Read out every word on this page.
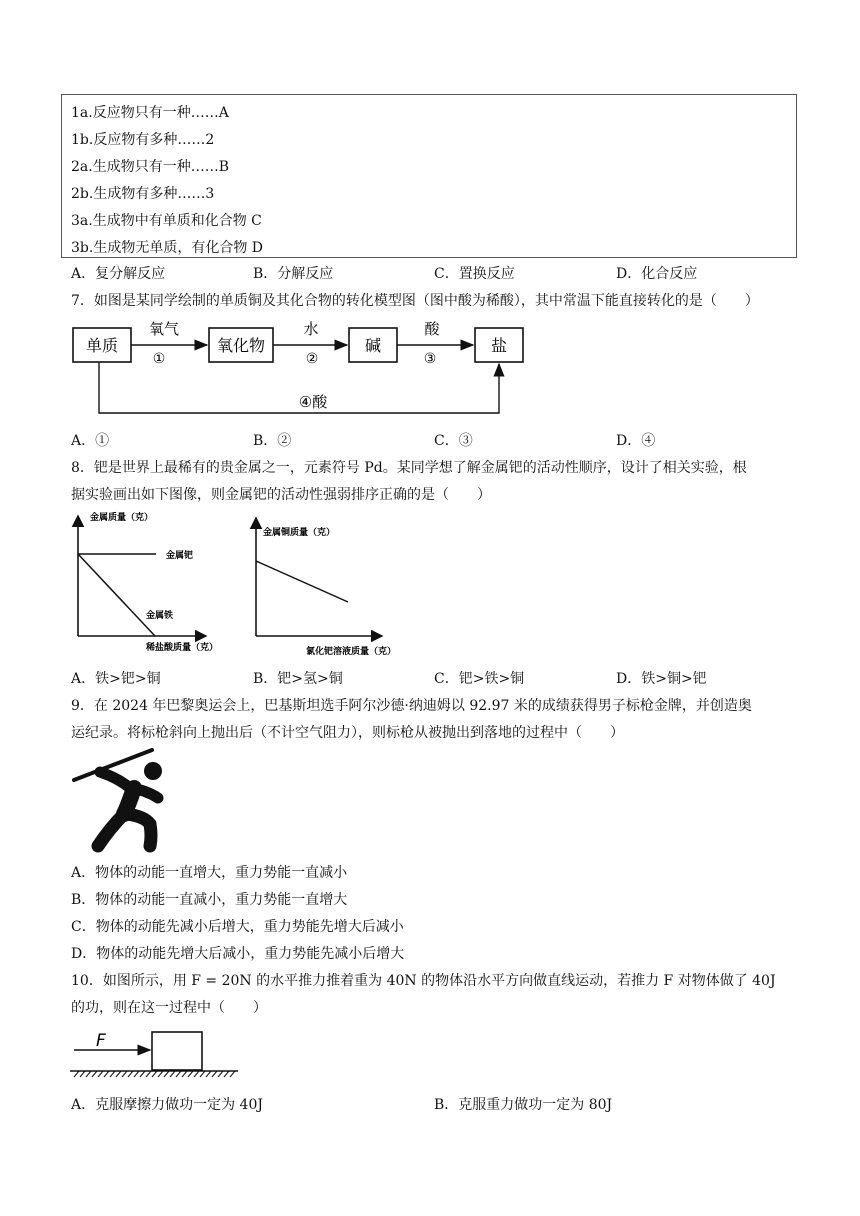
1a.反应物只有一种……A
1b.反应物有多种……2
2a.生成物只有一种……B
2b.生成物有多种……3
3a.生成物中有单质和化合物 C
3b.生成物无单质，有化合物 D
A．复分解反应	B．分解反应	C．置换反应	D．化合反应
7．如图是某同学绘制的单质铜及其化合物的转化模型图（图中酸为稀酸），其中常温下能直接转化的是（　　）
单质	氧化物	碱	盐
氧气
①
水
②
酸
③
④酸
A．①	B．②	C．③	D．④
8．钯是世界上最稀有的贵金属之一，元素符号 Pd。某同学想了解金属钯的活动性顺序，设计了相关实验，根
据实验画出如下图像，则金属钯的活动性强弱排序正确的是（　　）
金属质量（克）
稀盐酸质量（克）
金属钯
金属铁
金属铜质量（克）
氯化钯溶液质量（克）
A．铁>钯>铜	B．钯>氢>铜	C．钯>铁>铜	D．铁>铜>钯
9．在 2024 年巴黎奥运会上，巴基斯坦选手阿尔沙德·纳迪姆以 92.97 米的成绩获得男子标枪金牌，并创造奥
运纪录。将标枪斜向上抛出后（不计空气阻力），则标枪从被抛出到落地的过程中（　　）
A．物体的动能一直增大，重力势能一直减小
B．物体的动能一直减小，重力势能一直增大
C．物体的动能先减小后增大，重力势能先增大后减小
D．物体的动能先增大后减小，重力势能先减小后增大
10．如图所示，用 F = 20N 的水平推力推着重为 40N 的物体沿水平方向做直线运动，若推力 F 对物体做了 40J
的功，则在这一过程中（　　）
F
A．克服摩擦力做功一定为 40J	B．克服重力做功一定为 80J
